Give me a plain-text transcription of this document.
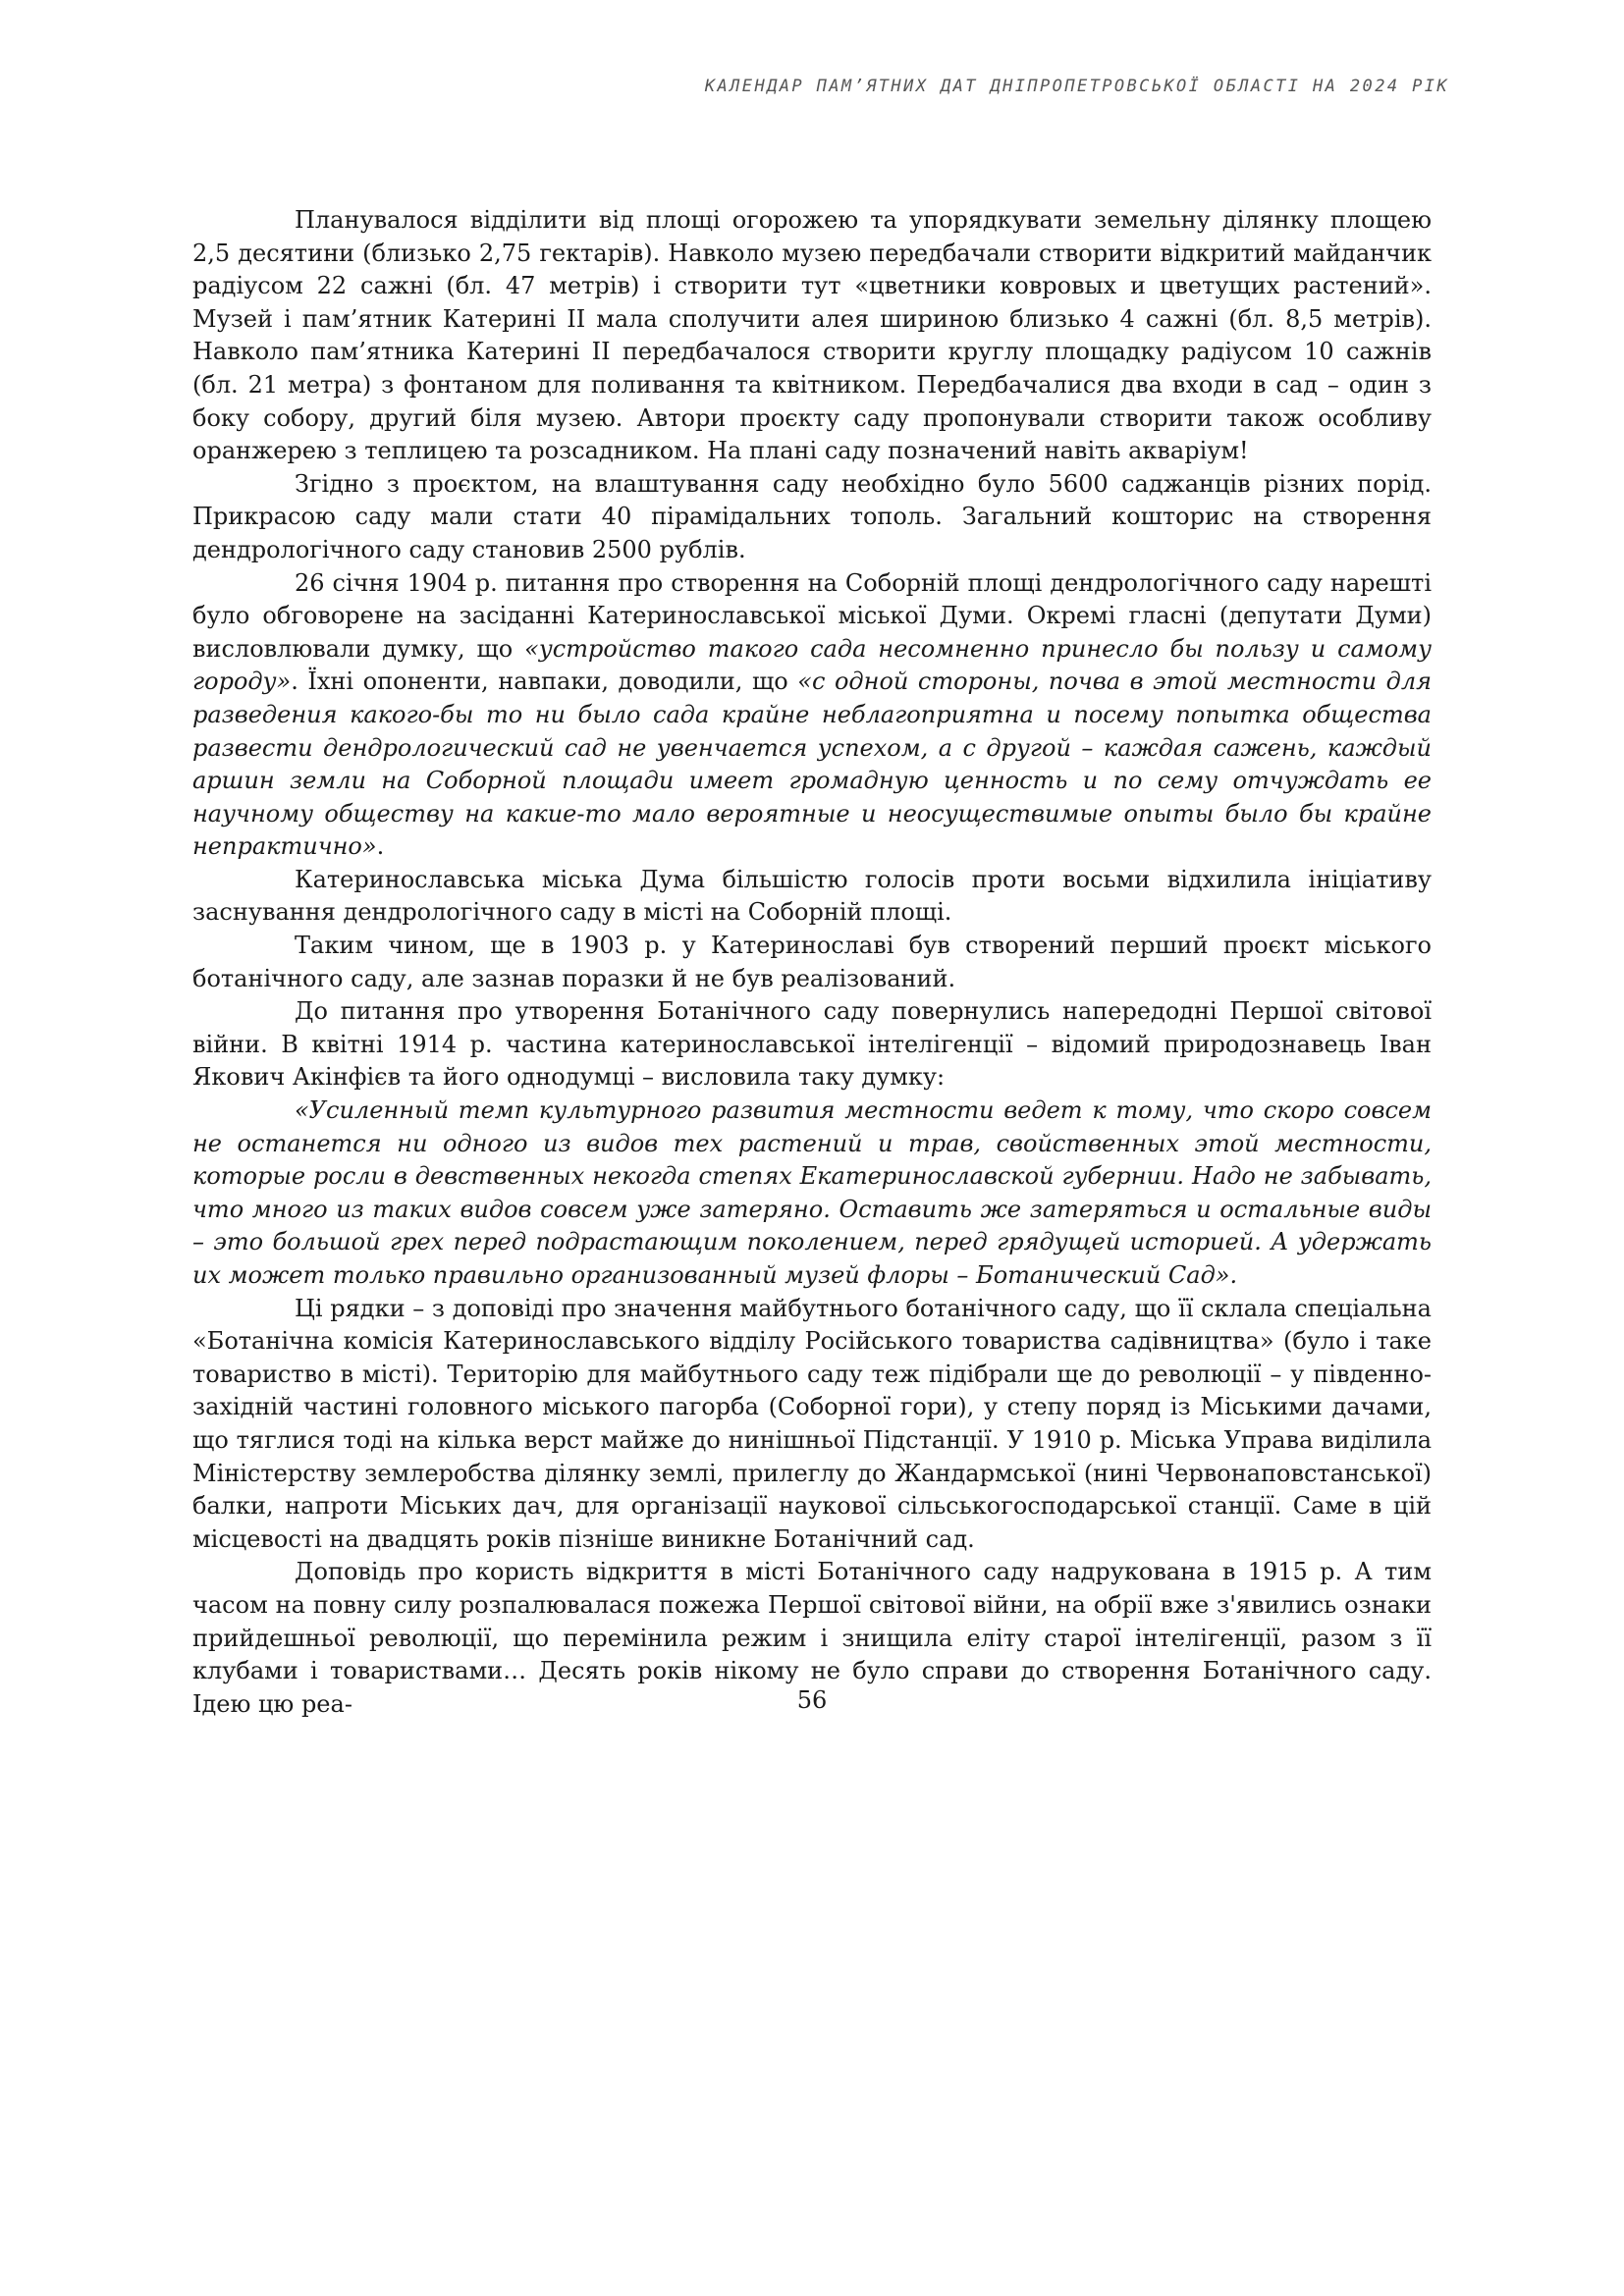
КАЛЕНДАР ПАМ’ЯТНИХ ДАТ ДНІПРОПЕТРОВСЬКОЇ ОБЛАСТІ НА 2024 РІК

Планувалося відділити від площі огорожею та упорядкувати земельну ділянку площею 2,5 десятини (близько 2,75 гектарів). Навколо музею передбачали створити відкритий майданчик радіусом 22 сажні (бл. 47 метрів) і створити тут «цветники ковровых и цветущих растений». Музей і пам’ятник Катерині ІІ мала сполучити алея шириною близько 4 сажні (бл. 8,5 метрів). Навколо пам’ятника Катерині ІІ передбачалося створити круглу площадку радіусом 10 сажнів (бл. 21 метра) з фонтаном для поливання та квітником. Передбачалися два входи в сад – один з боку собору, другий біля музею. Автори проєкту саду пропонували створити також особливу оранжерею з теплицею та розсадником. На плані саду позначений навіть акваріум!

Згідно з проєктом, на влаштування саду необхідно було 5600 саджанців різних порід. Прикрасою саду мали стати 40 пірамідальних тополь. Загальний кошторис на створення дендрологічного саду становив 2500 рублів.

26 січня 1904 р. питання про створення на Соборній площі дендрологічного саду нарешті було обговорене на засіданні Катеринославської міської Думи. Окремі гласні (депутати Думи) висловлювали думку, що «устройство такого сада несомненно принесло бы пользу и самому городу». Їхні опоненти, навпаки, доводили, що «с одной стороны, почва в этой местности для разведения какого-бы то ни было сада крайне неблагоприятна и посему попытка общества развести дендрологический сад не увенчается успехом, а с другой – каждая сажень, каждый аршин земли на Соборной площади имеет громадную ценность и по сему отчуждать ее научному обществу на какие-то мало вероятные и неосуществимые опыты было бы крайне непрактично».

Катеринославська міська Дума більшістю голосів проти восьми відхилила ініціативу заснування дендрологічного саду в місті на Соборній площі.

Таким чином, ще в 1903 р. у Катеринославі був створений перший проєкт міського ботанічного саду, але зазнав поразки й не був реалізований.

До питання про утворення Ботанічного саду повернулись напередодні Першої світової війни. В квітні 1914 р. частина катеринославської інтелігенції – відомий природознавець Іван Якович Акінфієв та його однодумці – висловила таку думку:

«Усиленный темп культурного развития местности ведет к тому, что скоро совсем не останется ни одного из видов тех растений и трав, свойственных этой местности, которые росли в девственных некогда степях Екатеринославской губернии. Надо не забывать, что много из таких видов совсем уже затеряно. Оставить же затеряться и остальные виды – это большой грех перед подрастающим поколением, перед грядущей историей. А удержать их может только правильно организованный музей флоры – Ботанический Сад».

Ці рядки – з доповіді про значення майбутнього ботанічного саду, що її склала спеціальна «Ботанічна комісія Катеринославського відділу Російського товариства садівництва» (було і таке товариство в місті). Територію для майбутнього саду теж підібрали ще до революції – у південно-західній частині головного міського пагорба (Соборної гори), у степу поряд із Міськими дачами, що тяглися тоді на кілька верст майже до нинішньої Підстанції. У 1910 р. Міська Управа виділила Міністерству землеробства ділянку землі, прилеглу до Жандармської (нині Червонаповстанської) балки, напроти Міських дач, для організації наукової сільськогосподарської станції. Саме в цій місцевості на двадцять років пізніше виникне Ботанічний сад.

Доповідь про користь відкриття в місті Ботанічного саду надрукована в 1915 р. А тим часом на повну силу розпалювалася пожежа Першої світової війни, на обрії вже з'явились ознаки прийдешньої революції, що перемінила режим і знищила еліту старої інтелігенції, разом з її клубами і товариствами… Десять років нікому не було справи до створення Ботанічного саду. Ідею цю реа-	56
